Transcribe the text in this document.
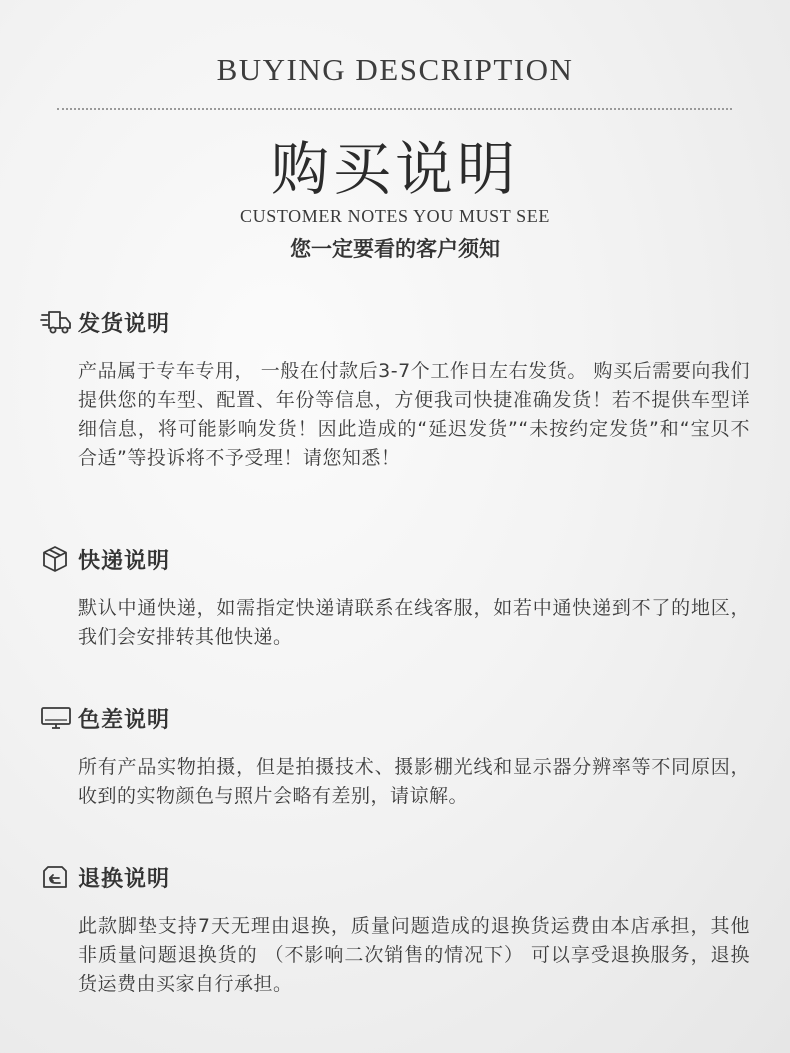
BUYING DESCRIPTION
购买说明
CUSTOMER NOTES YOU MUST SEE
您一定要看的客户须知
发货说明
产品属于专车专用， 一般在付款后3-7个工作日左右发货。 购买后需要向我们提供您的车型、配置、年份等信息，方便我司快捷准确发货！若不提供车型详细信息，将可能影响发货！因此造成的“延迟发货”“未按约定发货”和“宝贝不合适”等投诉将不予受理！请您知悉！
快递说明
默认中通快递，如需指定快递请联系在线客服，如若中通快递到不了的地区，我们会安排转其他快递。
色差说明
所有产品实物拍摄，但是拍摄技术、摄影棚光线和显示器分辨率等不同原因，收到的实物颜色与照片会略有差别，请谅解。
退换说明
此款脚垫支持7天无理由退换，质量问题造成的退换货运费由本店承担，其他非质量问题退换货的 （不影响二次销售的情况下） 可以享受退换服务，退换货运费由买家自行承担。
